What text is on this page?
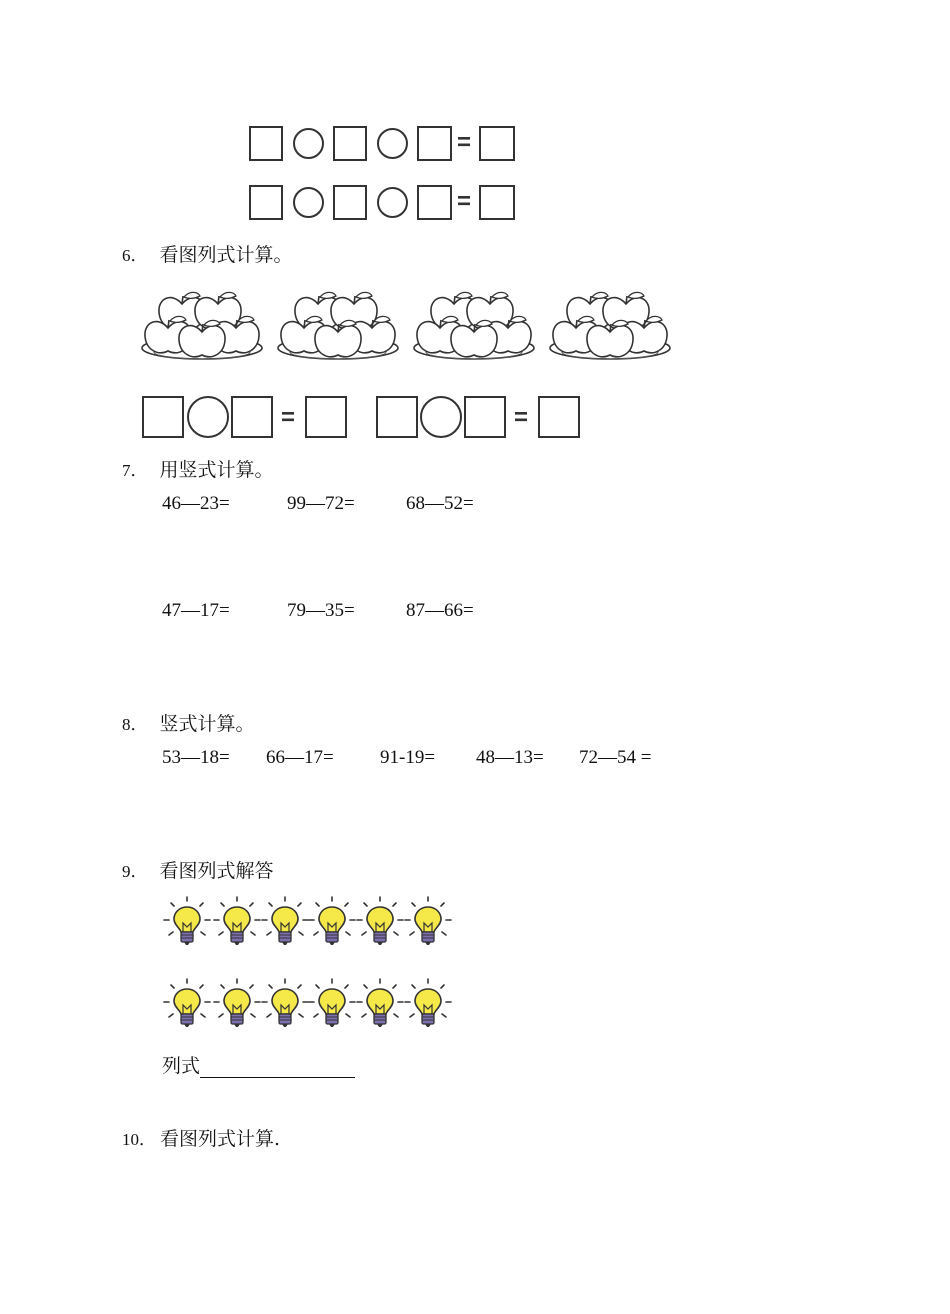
=
=
6． 看图列式计算。
=	=
7． 用竖式计算。
46—23=	99—72=	68—52=
47—17=	79—35=	87—66=
8． 竖式计算。
53—18= 66—17= 91-19= 48—13= 72—54 =
9． 看图列式解答
列式
10． 看图列式计算.
